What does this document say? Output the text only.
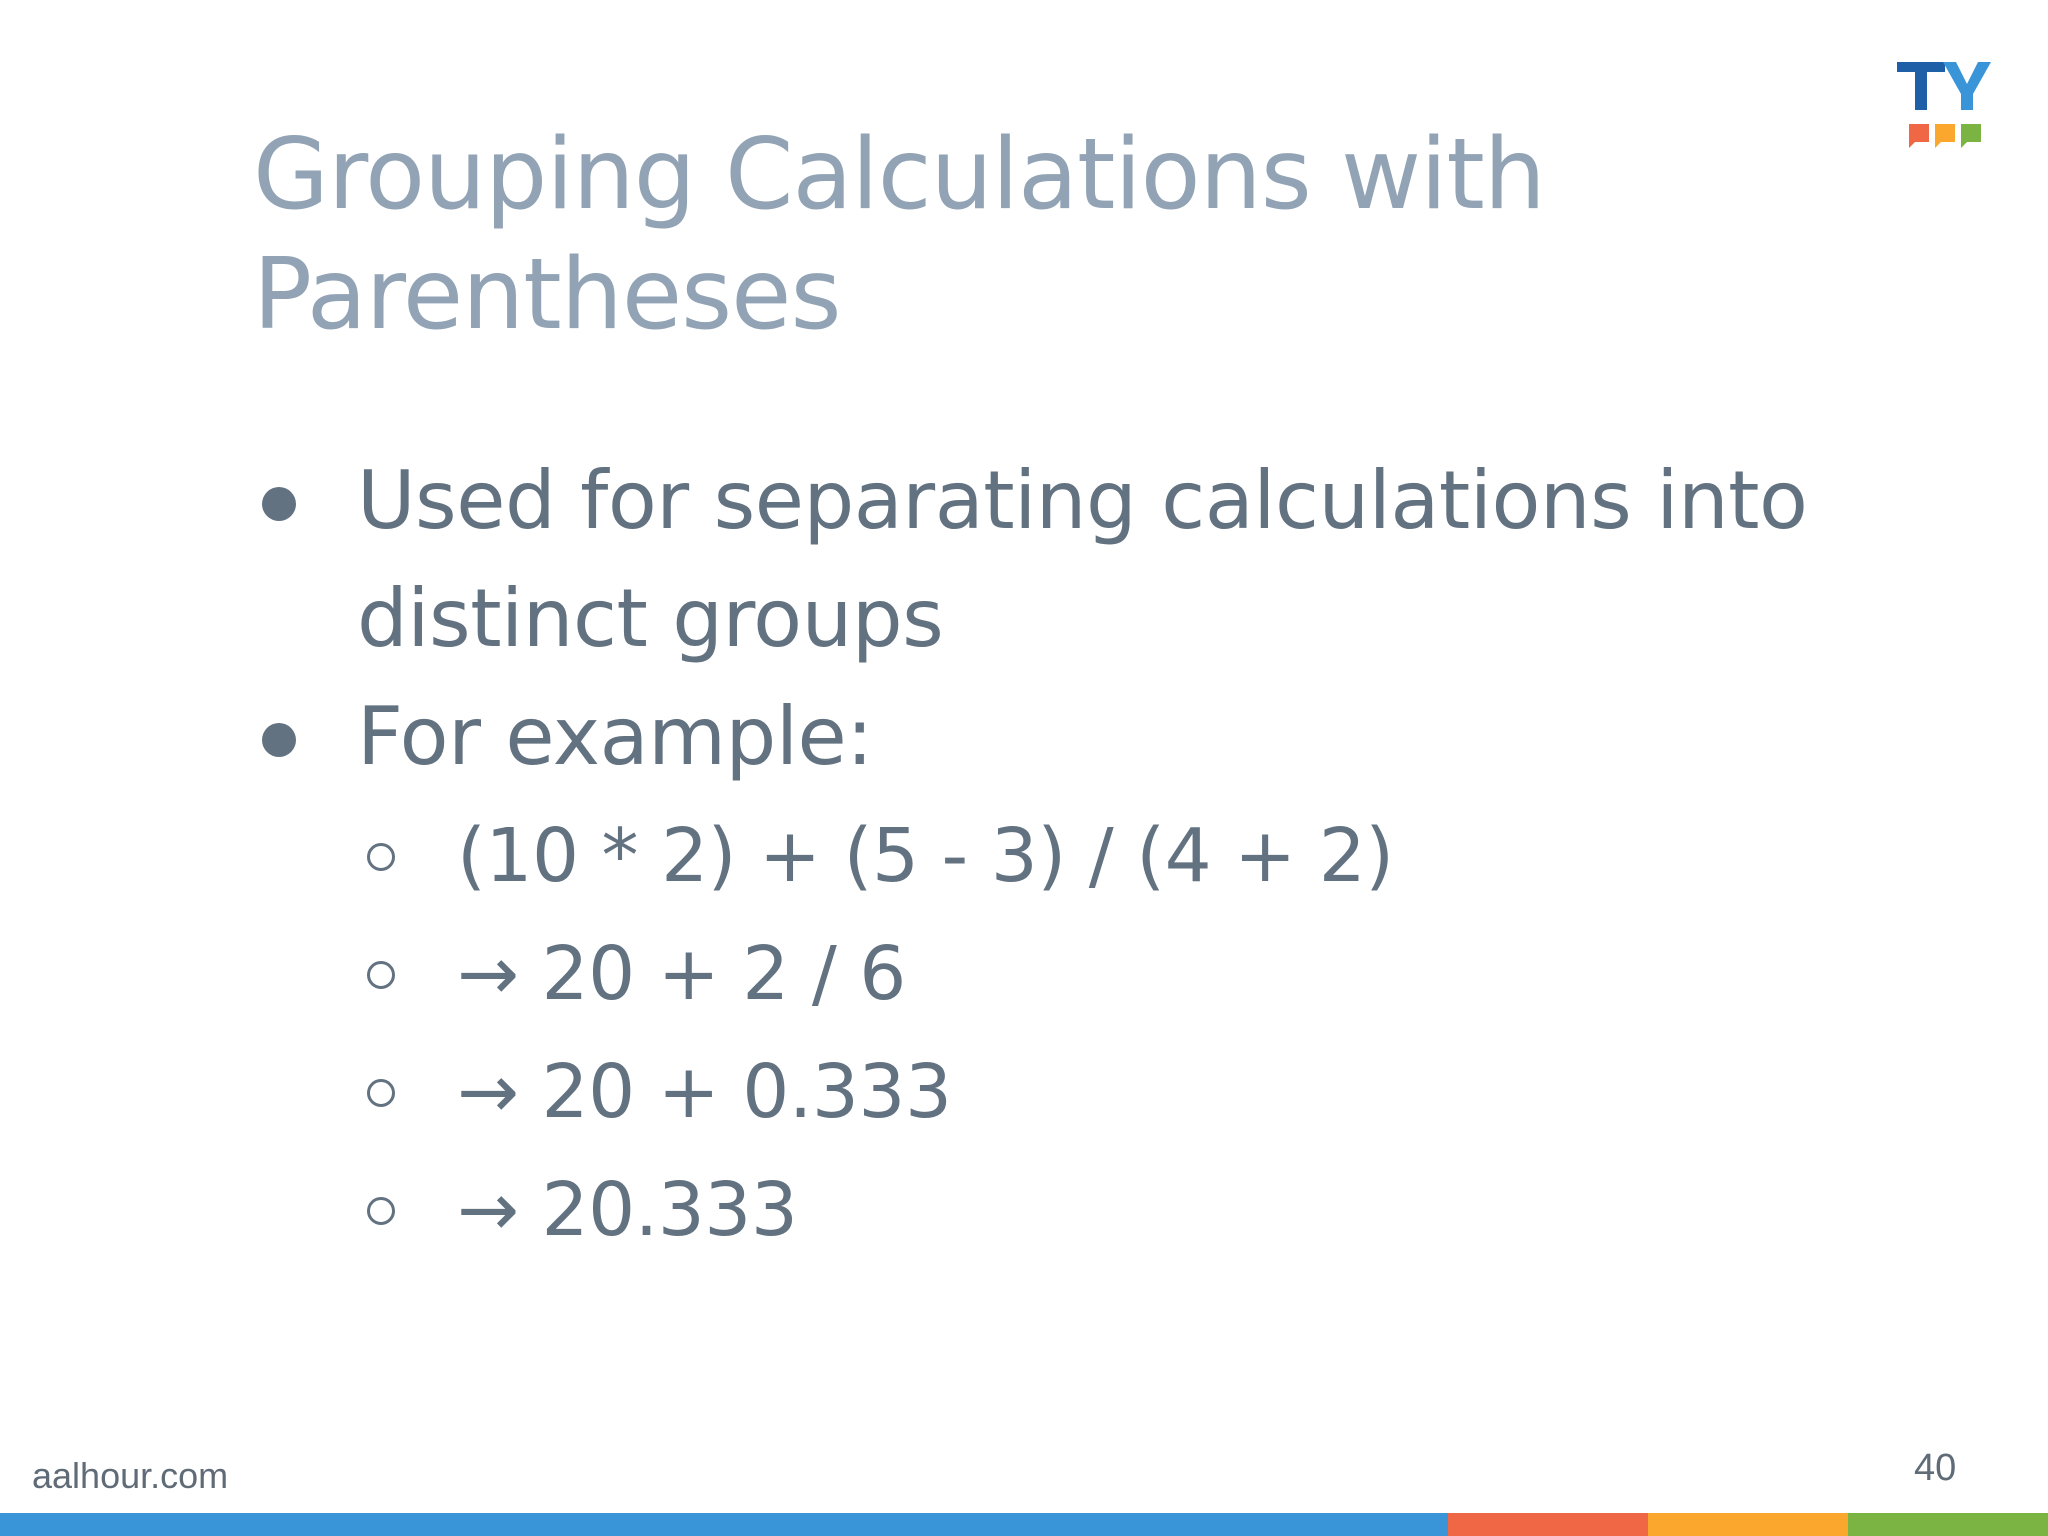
Grouping Calculations with
Parentheses
Used for separating calculations into
distinct groups
For example:
(10 * 2) + (5 - 3) / (4 + 2)
→ 20 + 2 / 6
→ 20 + 0.333
→ 20.333
aalhour.com	40
